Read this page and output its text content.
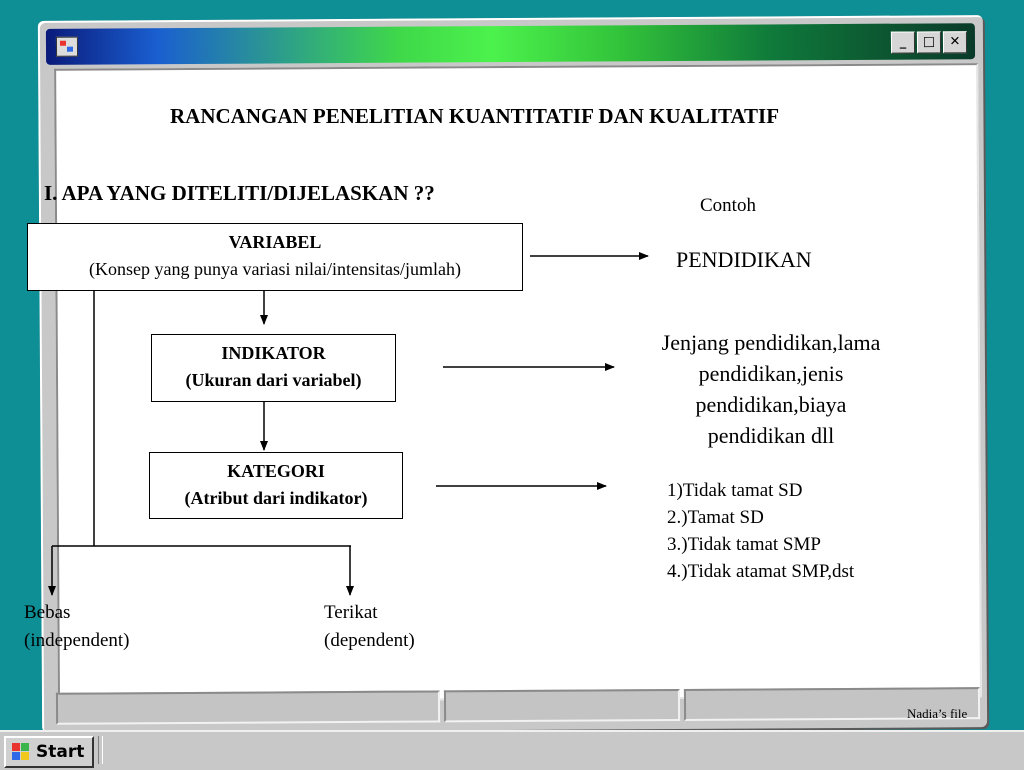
_	□	✕
RANCANGAN PENELITIAN KUANTITATIF DAN KUALITATIF
I. APA YANG DITELITI/DIJELASKAN ??
Contoh
VARIABEL
(Konsep yang punya variasi nilai/intensitas/jumlah)
INDIKATOR
(Ukuran dari variabel)
KATEGORI
(Atribut dari indikator)
PENDIDIKAN
Jenjang pendidikan,lama
pendidikan,jenis
pendidikan,biaya
pendidikan dll
1)Tidak tamat SD
2.)Tamat SD
3.)Tidak tamat SMP
4.)Tidak atamat SMP,dst
Bebas
(independent)
Terikat
(dependent)
Nadia’s file
Start
